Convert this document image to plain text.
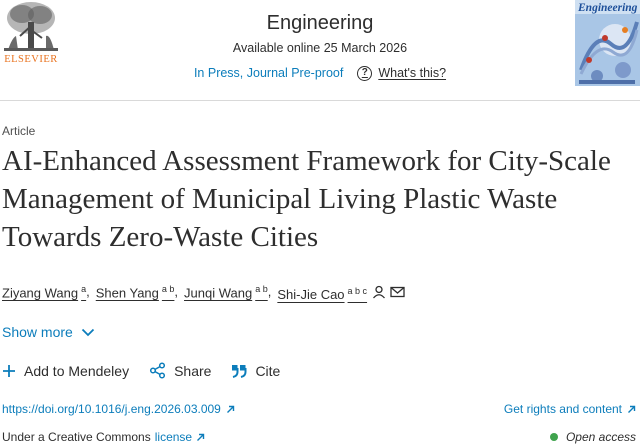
ELSEVIER
Engineering
Available online 25 March 2026
In Press, Journal Pre-proof	? What's this?
Engineering
Article
AI-Enhanced Assessment Framework for City-Scale Management of Municipal Living Plastic Waste Towards Zero-Waste Cities
Ziyang Wang $^a$ , Shen Yang $^{a b}$ , Junqi Wang $^{a b}$ , Shi-Jie Cao $^{a b c}$
Show more
Add to Mendeley	Share	Cite
https://doi.org/10.1016/j.eng.2026.03.009	Get rights and content
Under a Creative Commons license	Open access
